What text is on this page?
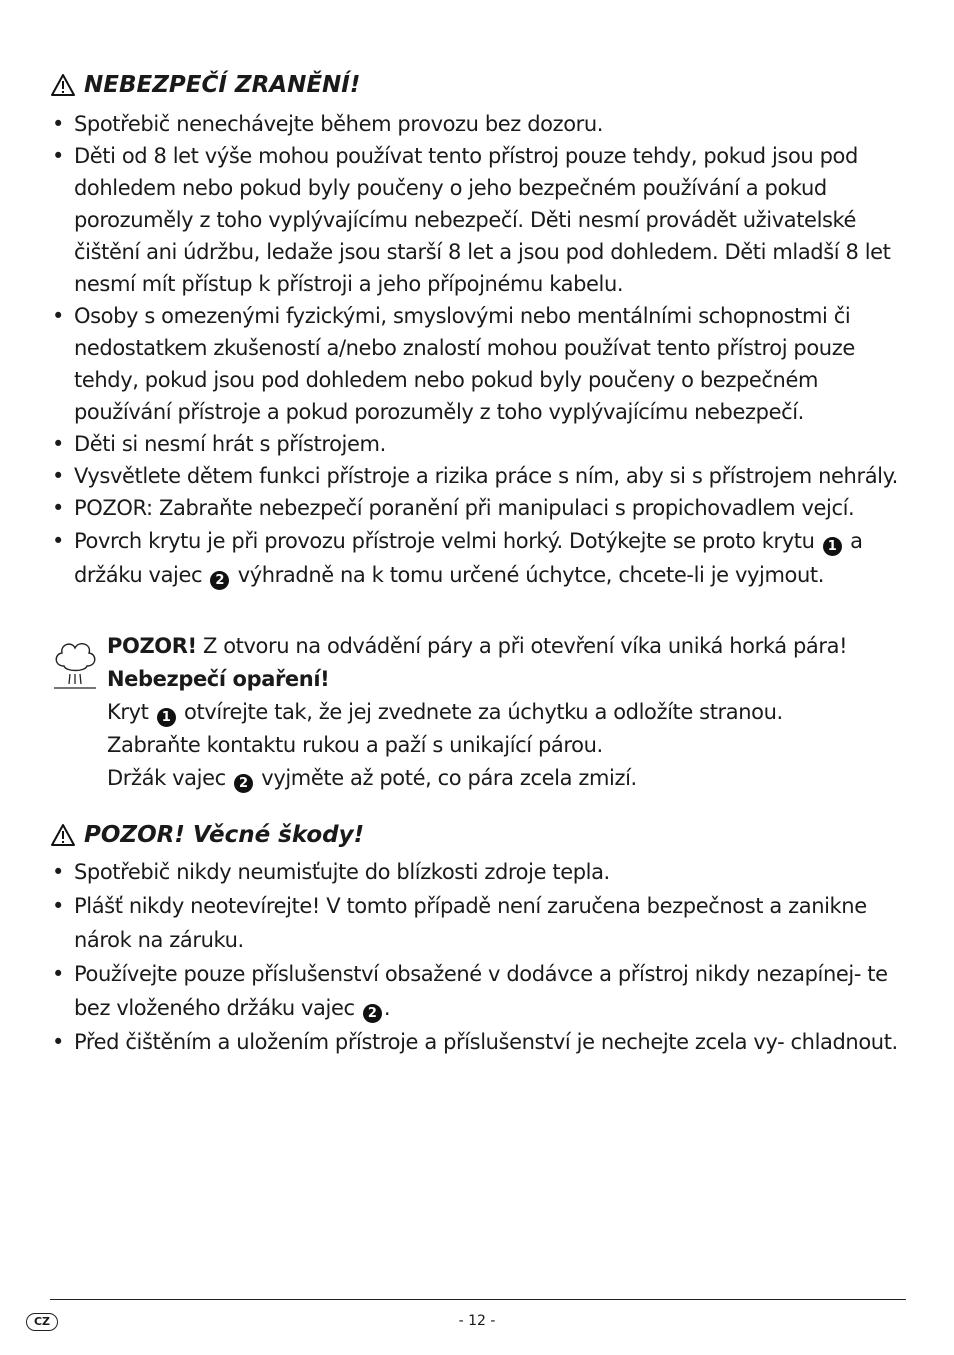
NEBEZPEČÍ ZRANĚNÍ!
• Spotřebič nenechávejte během provozu bez dozoru.
• Děti od 8 let výše mohou používat tento přístroj pouze tehdy, pokud jsou pod dohledem nebo pokud byly poučeny o jeho bezpečném používání a pokud porozuměly z toho vyplývajícímu nebezpečí. Děti nesmí provádět uživatelské čištění ani údržbu, ledaže jsou starší 8 let a jsou pod dohledem. Děti mladší 8 let nesmí mít přístup k přístroji a jeho přípojnému kabelu.
• Osoby s omezenými fyzickými, smyslovými nebo mentálními schopnostmi či nedostatkem zkušeností a/nebo znalostí mohou používat tento přístroj pouze tehdy, pokud jsou pod dohledem nebo pokud byly poučeny o bezpečném používání přístroje a pokud porozuměly z toho vyplývajícímu nebezpečí.
• Děti si nesmí hrát s přístrojem.
• Vysvětlete dětem funkci přístroje a rizika práce s ním, aby si s přístrojem nehrály.
• POZOR: Zabraňte nebezpečí poranění při manipulaci s propichovadlem vejcí.
• Povrch krytu je při provozu přístroje velmi horký. Dotýkejte se proto krytu 1 a držáku vajec 2 výhradně na k tomu určené úchytce, chcete-li je vyjmout.

POZOR! Z otvoru na odvádění páry a při otevření víka uniká horká pára!

Nebezpečí opaření!

Kryt 1 otvírejte tak, že jej zvednete za úchytku a odložíte stranou.

Zabraňte kontaktu rukou a paží s unikající párou.

Držák vajec 2 vyjměte až poté, co pára zcela zmizí.

POZOR! Věcné škody!
• Spotřebič nikdy neumisťujte do blízkosti zdroje tepla.
• Plášť nikdy neotevírejte! V tomto případě není zaručena bezpečnost a zanikne nárok na záruku.
• Používejte pouze příslušenství obsažené v dodávce a přístroj nikdy nezapínej- te bez vloženého držáku vajec 2 .
• Před čištěním a uložením přístroje a příslušenství je nechejte zcela vy- chladnout.
CZ	- 12 -
